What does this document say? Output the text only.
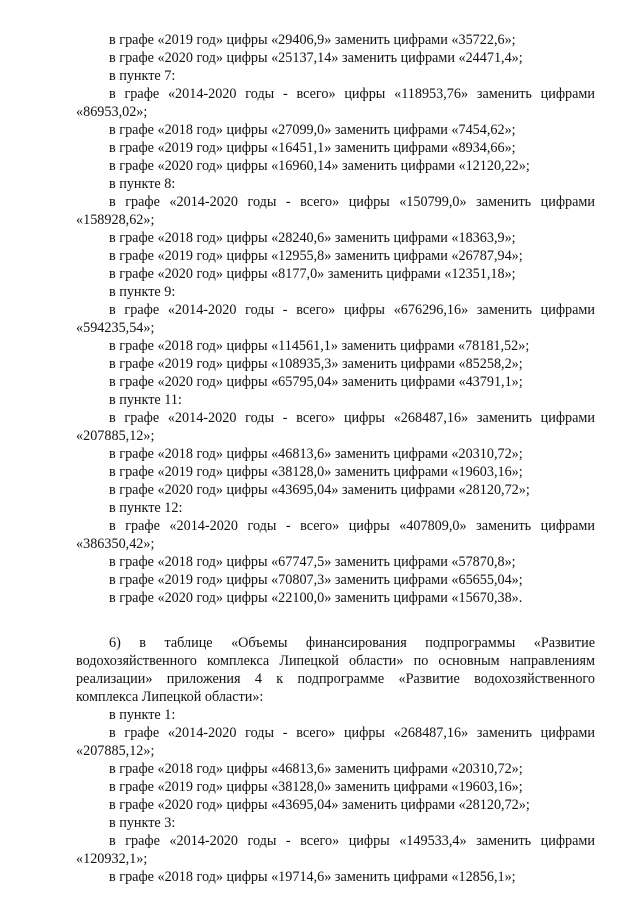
в графе «2019 год» цифры «29406,9» заменить цифрами «35722,6»;
в графе «2020 год» цифры «25137,14» заменить цифрами «24471,4»;
в пункте 7:
в графе «2014-2020 годы - всего» цифры «118953,76» заменить цифрами «86953,02»;
в графе «2018 год» цифры «27099,0» заменить цифрами «7454,62»;
в графе «2019 год» цифры «16451,1» заменить цифрами «8934,66»;
в графе «2020 год» цифры «16960,14» заменить цифрами «12120,22»;
в пункте 8:
в графе «2014-2020 годы - всего» цифры «150799,0» заменить цифрами «158928,62»;
в графе «2018 год» цифры «28240,6» заменить цифрами «18363,9»;
в графе «2019 год» цифры «12955,8» заменить цифрами «26787,94»;
в графе «2020 год» цифры «8177,0» заменить цифрами «12351,18»;
в пункте 9:
в графе «2014-2020 годы - всего» цифры «676296,16» заменить цифрами «594235,54»;
в графе «2018 год» цифры «114561,1» заменить цифрами «78181,52»;
в графе «2019 год» цифры «108935,3» заменить цифрами «85258,2»;
в графе «2020 год» цифры «65795,04» заменить цифрами «43791,1»;
в пункте 11:
в графе «2014-2020 годы - всего» цифры «268487,16» заменить цифрами «207885,12»;
в графе «2018 год» цифры «46813,6» заменить цифрами «20310,72»;
в графе «2019 год» цифры «38128,0» заменить цифрами «19603,16»;
в графе «2020 год» цифры «43695,04» заменить цифрами «28120,72»;
в пункте 12:
в графе «2014-2020 годы - всего» цифры «407809,0» заменить цифрами «386350,42»;
в графе «2018 год» цифры «67747,5» заменить цифрами «57870,8»;
в графе «2019 год» цифры «70807,3» заменить цифрами «65655,04»;
в графе «2020 год» цифры «22100,0» заменить цифрами «15670,38».
6) в таблице «Объемы финансирования подпрограммы «Развитие водохозяйственного комплекса Липецкой области» по основным направлениям реализации» приложения 4 к подпрограмме «Развитие водохозяйственного комплекса Липецкой области»:
в пункте 1:
в графе «2014-2020 годы - всего» цифры «268487,16» заменить цифрами «207885,12»;
в графе «2018 год» цифры «46813,6» заменить цифрами «20310,72»;
в графе «2019 год» цифры «38128,0» заменить цифрами «19603,16»;
в графе «2020 год» цифры «43695,04» заменить цифрами «28120,72»;
в пункте 3:
в графе «2014-2020 годы - всего» цифры «149533,4» заменить цифрами «120932,1»;
в графе «2018 год» цифры «19714,6» заменить цифрами «12856,1»;
